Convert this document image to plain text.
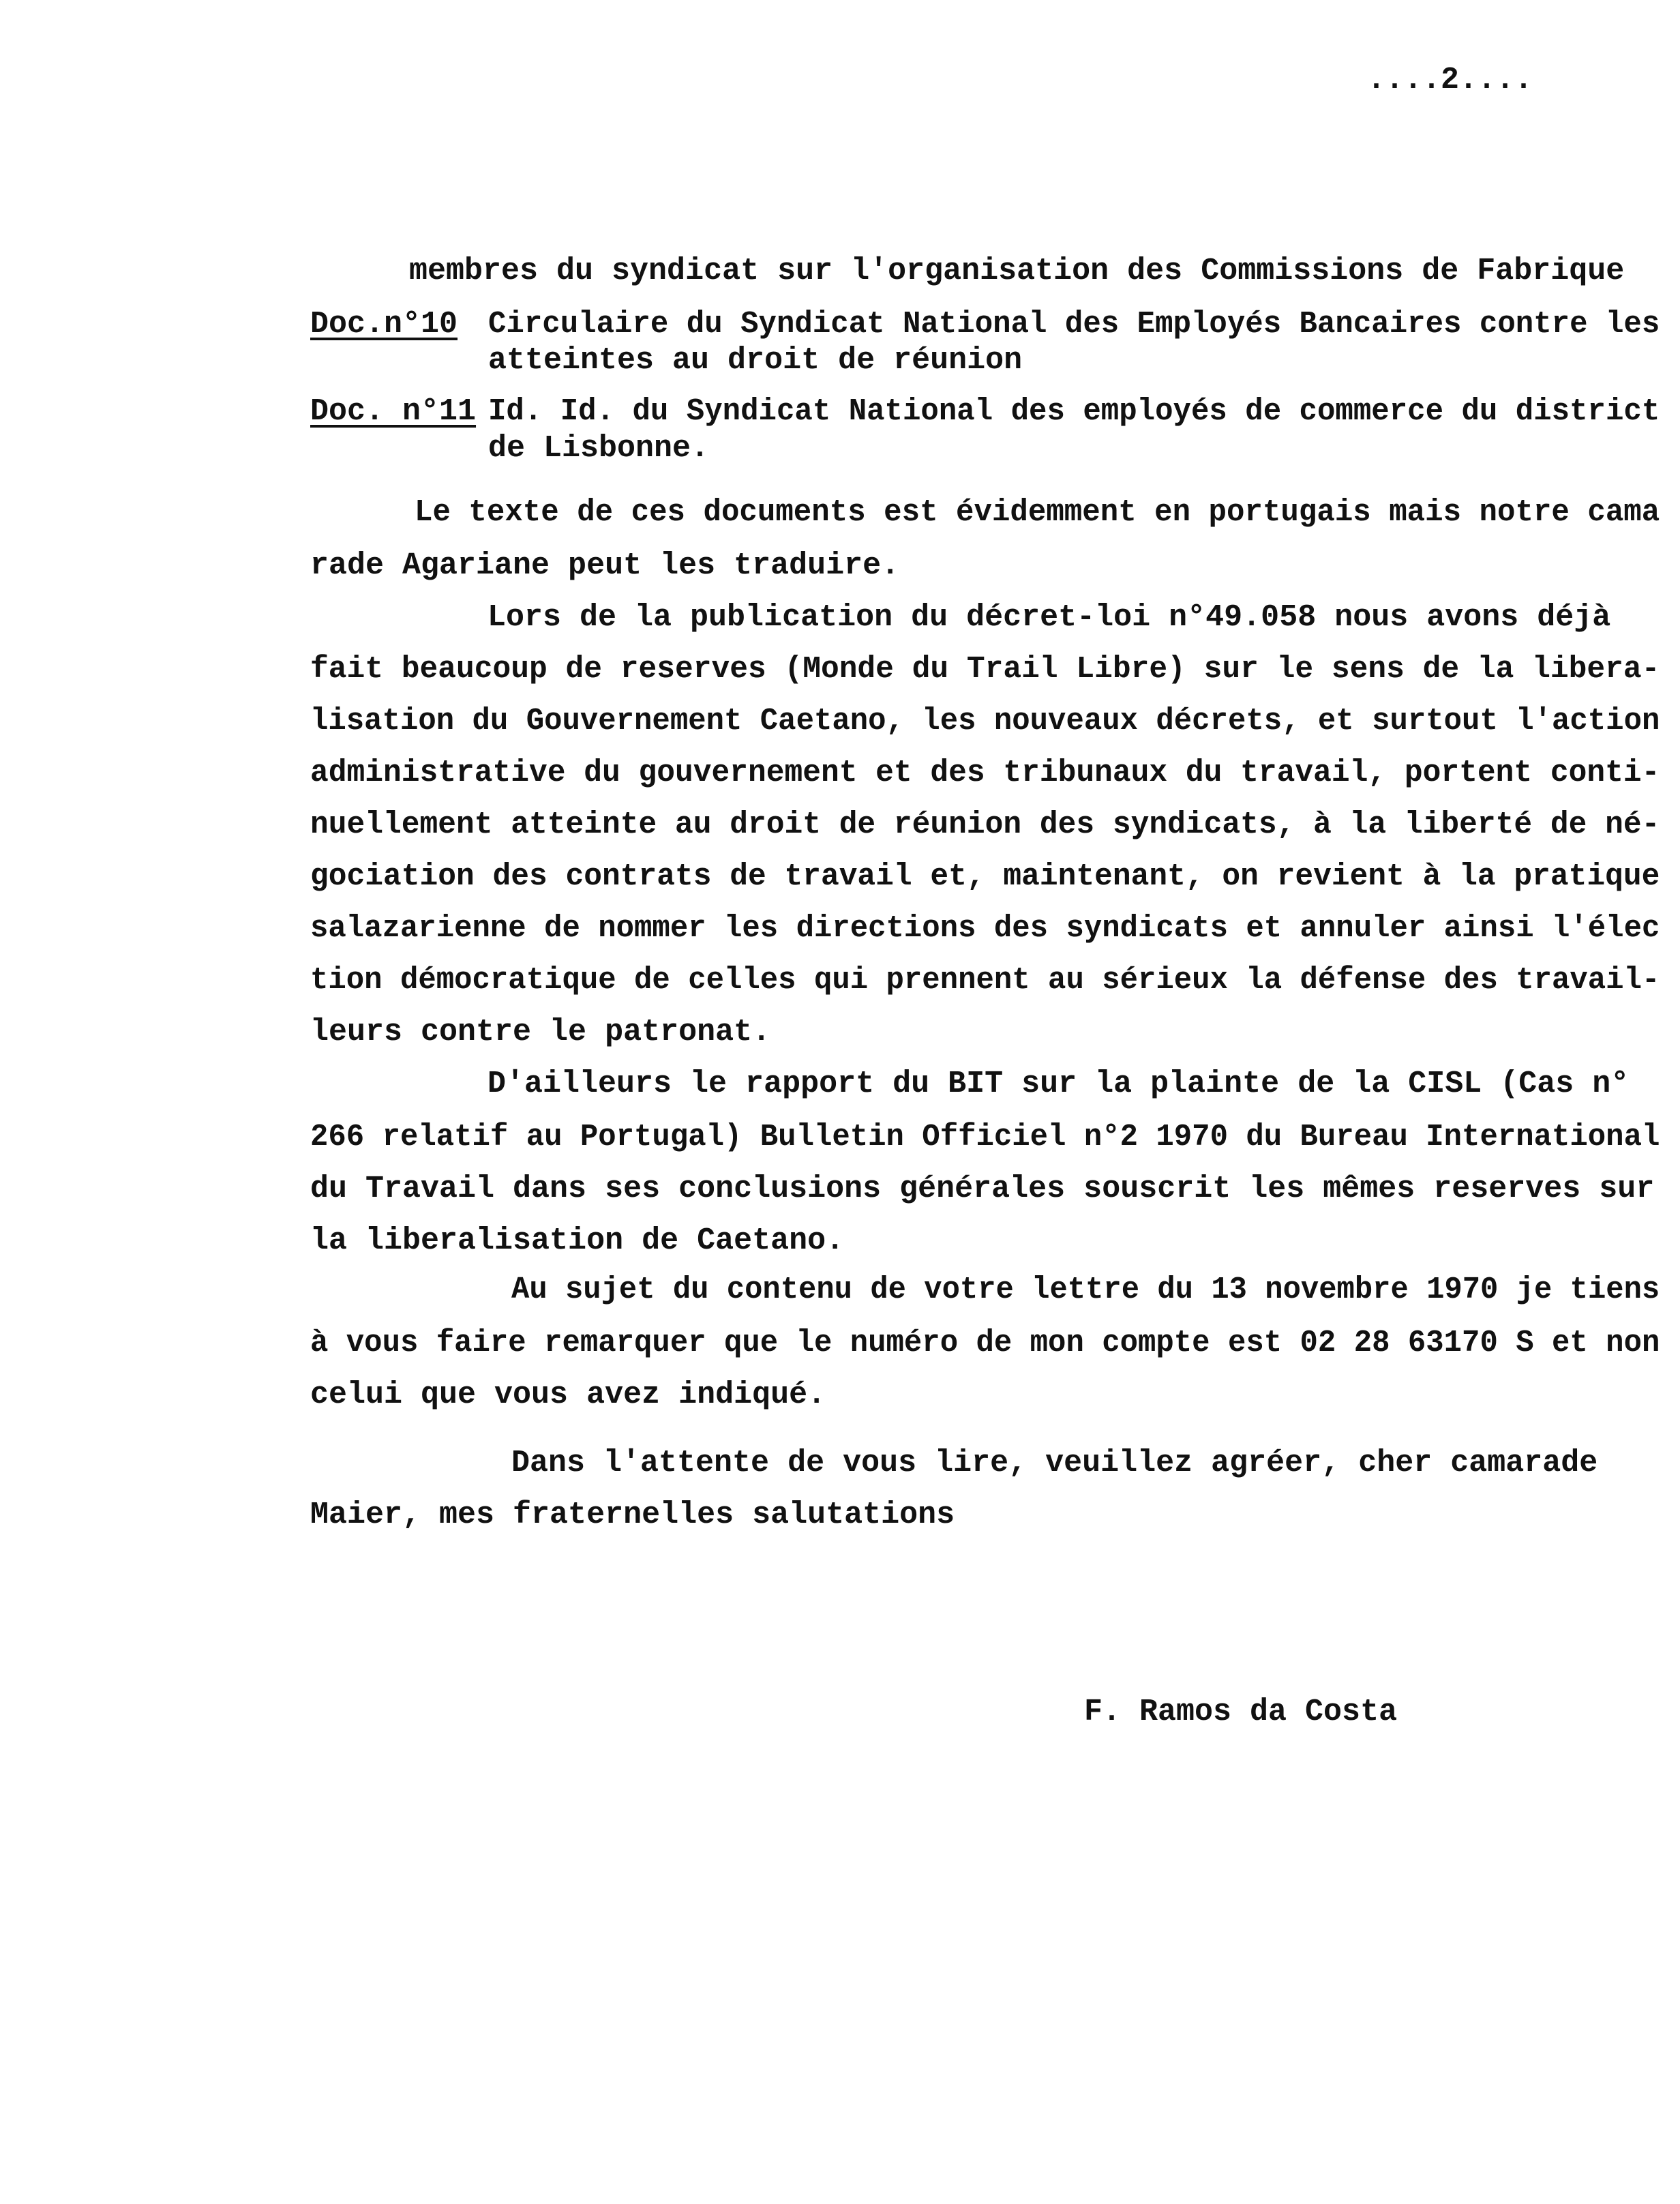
....2....
membres du syndicat sur l'organisation des Commissions de Fabrique
Doc.n°10 Circulaire du Syndicat National des Employés Bancaires contre les
atteintes au droit de réunion
Doc. n°11 Id. Id. du Syndicat National des employés de commerce du district
de Lisbonne.
Le texte de ces documents est évidemment en portugais mais notre cama
rade Agariane peut les traduire.
Lors de la publication du décret-loi n°49.058 nous avons déjà
fait beaucoup de reserves (Monde du Trail Libre) sur le sens de la libera-
lisation du Gouvernement Caetano, les nouveaux décrets, et surtout l'action
administrative du gouvernement et des tribunaux du travail, portent conti-
nuellement atteinte au droit de réunion des syndicats, à la liberté de né-
gociation des contrats de travail et, maintenant, on revient à la pratique
salazarienne de nommer les directions des syndicats et annuler ainsi l'élec
tion démocratique de celles qui prennent au sérieux la défense des travail-
leurs contre le patronat.
D'ailleurs le rapport du BIT sur la plainte de la CISL (Cas n°
266 relatif au Portugal) Bulletin Officiel n°2 1970 du Bureau International
du Travail dans ses conclusions générales souscrit les mêmes reserves sur
la liberalisation de Caetano.
Au sujet du contenu de votre lettre du 13 novembre 1970 je tiens
à vous faire remarquer que le numéro de mon compte est 02 28 63170 S et non
celui que vous avez indiqué.
Dans l'attente de vous lire, veuillez agréer, cher camarade
Maier, mes fraternelles salutations
F. Ramos da Costa
